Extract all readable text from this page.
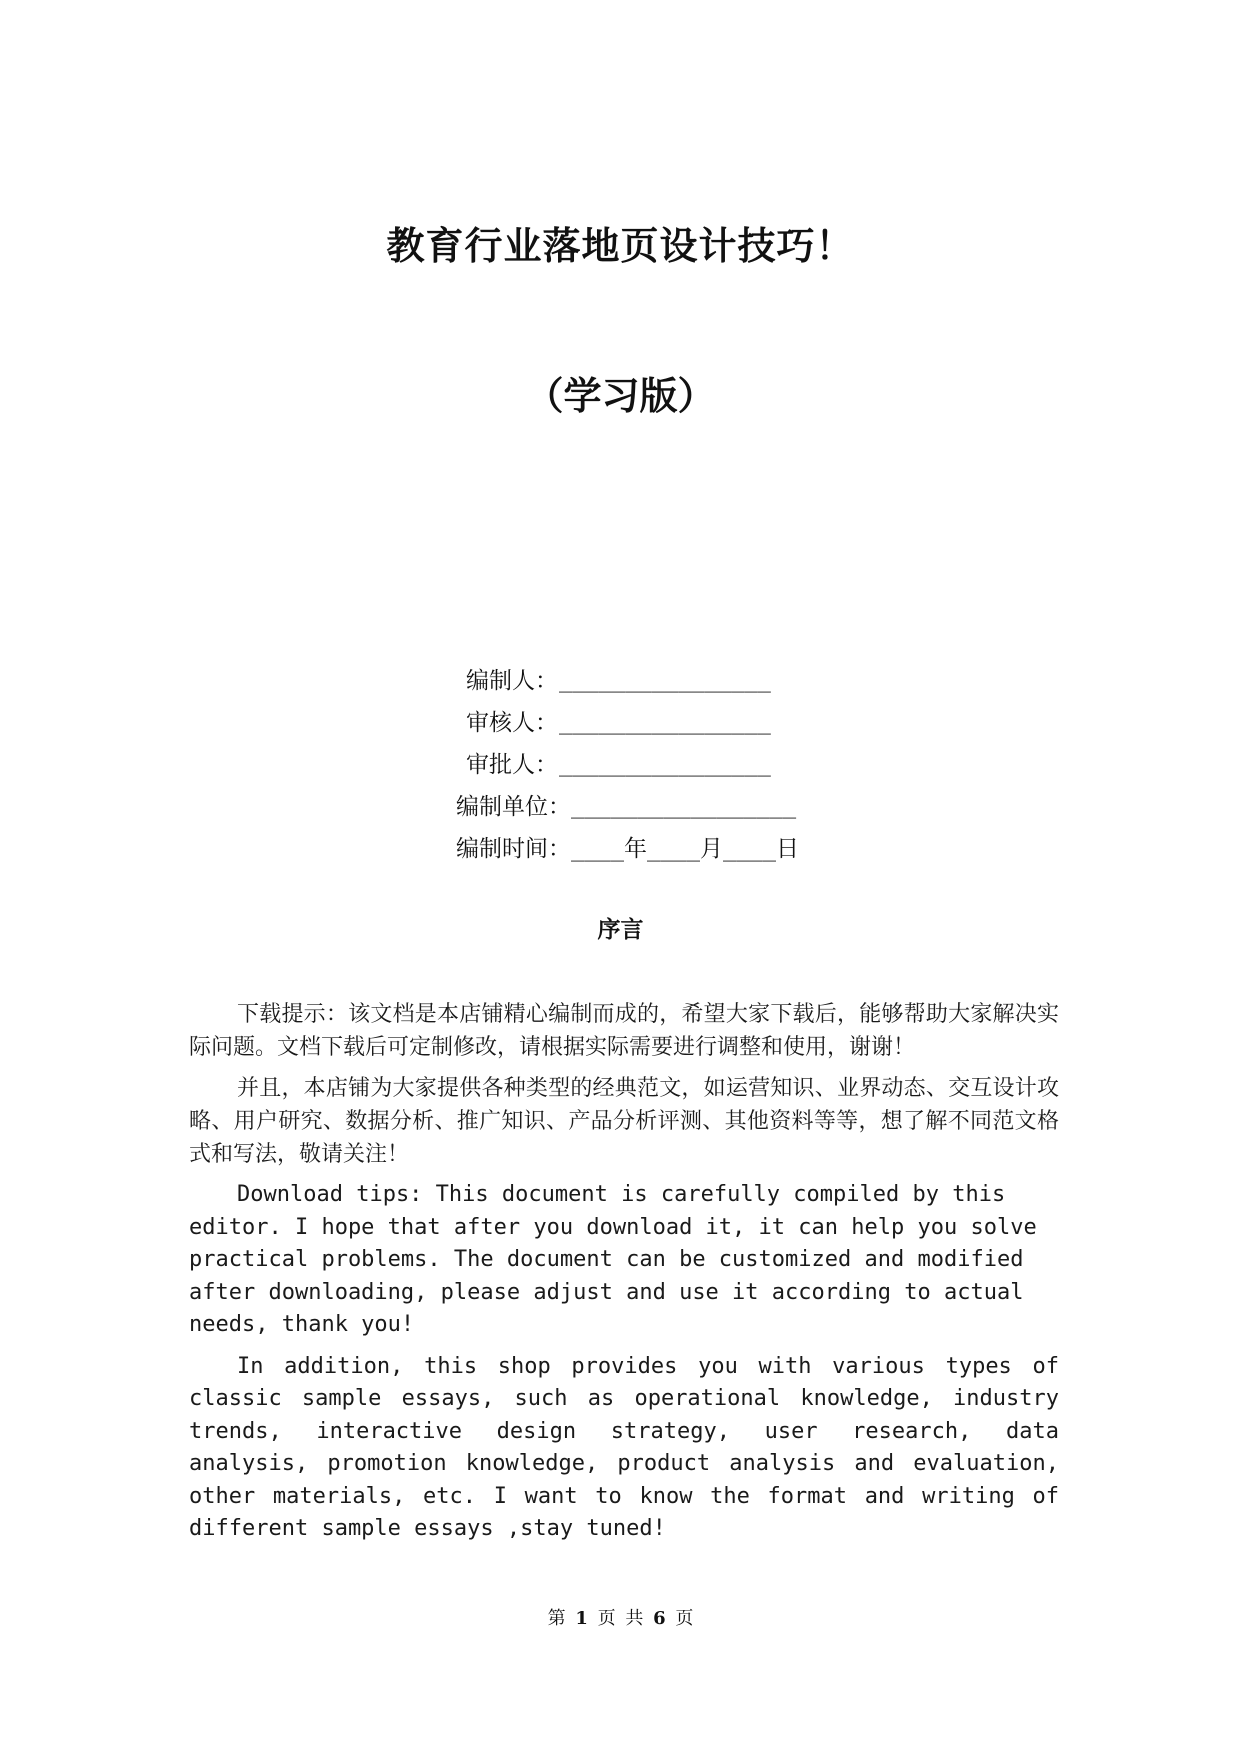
教育行业落地页设计技巧！
（学习版）
编制人： ________________
审核人： ________________
审批人： ________________
编制单位： _________________
编制时间： ____年____月____日
序言

下载提示：该文档是本店铺精心编制而成的，希望大家下载后，能够帮助大家解决实际问题。文档下载后可定制修改，请根据实际需要进行调整和使用，谢谢！

并且，本店铺为大家提供各种类型的经典范文，如运营知识、业界动态、交互设计攻略、用户研究、数据分析、推广知识、产品分析评测、其他资料等等，想了解不同范文格式和写法，敬请关注！

Download tips: This document is carefully compiled by this editor. I hope that after you download it, it can help you solve practical problems. The document can be customized and modified after downloading, please adjust and use it according to actual needs, thank you!

In addition, this shop provides you with various types of classic sample essays, such as operational knowledge, industry trends, interactive design strategy, user research, data analysis, promotion knowledge, product analysis and evaluation, other materials, etc. I want to know the format and writing of different sample essays ,stay tuned!

第 1 页 共 6 页
